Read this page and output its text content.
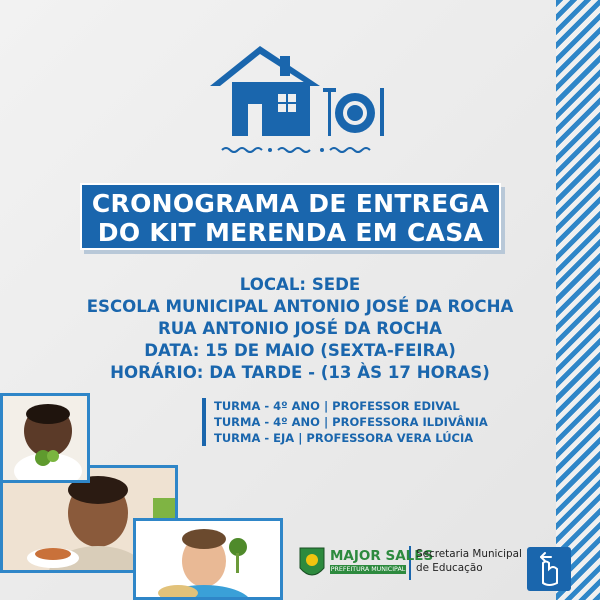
CRONOGRAMA DE ENTREGA
DO KIT MERENDA EM CASA
LOCAL: SEDE
ESCOLA MUNICIPAL ANTONIO JOSÉ DA ROCHA
RUA ANTONIO JOSÉ DA ROCHA
DATA: 15 DE MAIO (SEXTA-FEIRA)
HORÁRIO: DA TARDE - (13 ÀS 17 HORAS)
TURMA - 4º ANO | PROFESSOR EDIVAL
TURMA - 4º ANO | PROFESSORA ILDIVÂNIA
TURMA - EJA | PROFESSORA VERA LÚCIA
MAJOR SALES
PREFEITURA MUNICIPAL
Secretaria Municipal
de Educação
